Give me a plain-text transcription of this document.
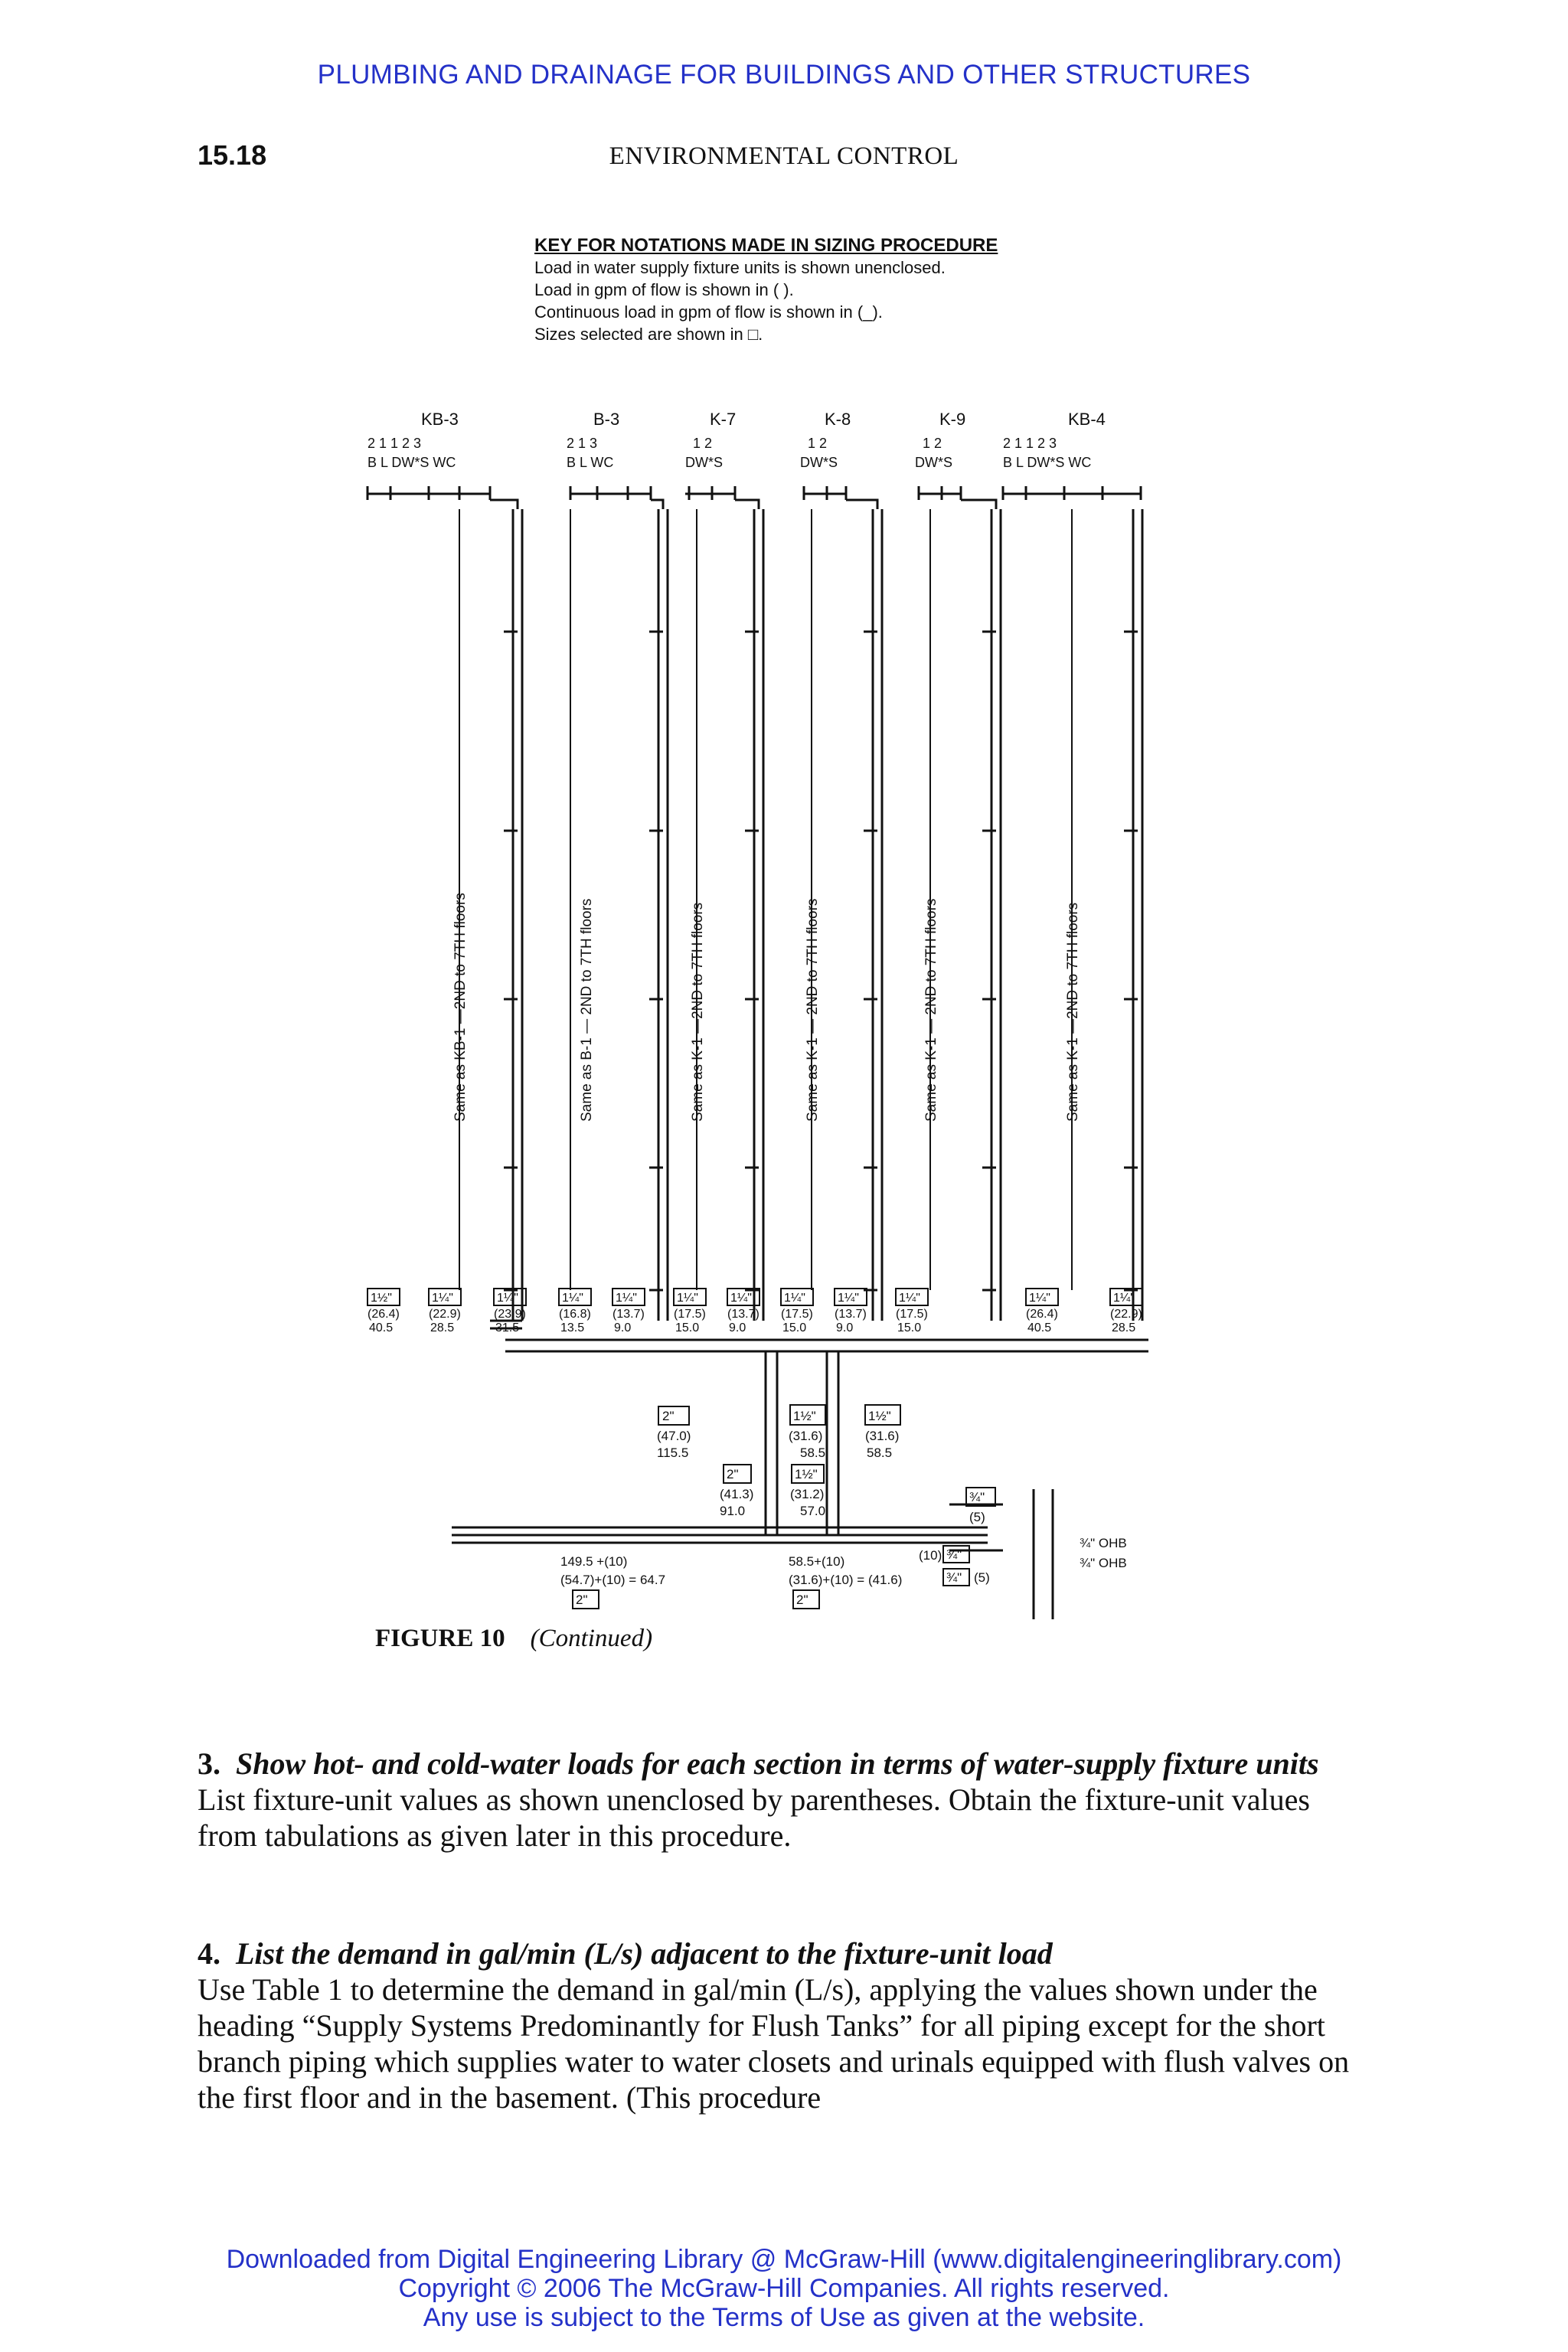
PLUMBING AND DRAINAGE FOR BUILDINGS AND OTHER STRUCTURES
15.18	ENVIRONMENTAL CONTROL
KEY FOR NOTATIONS MADE IN SIZING PROCEDURE
Load in water supply fixture units is shown unenclosed.
Load in gpm of flow is shown in ( ).
Continuous load in gpm of flow is shown in (_).
Sizes selected are shown in □.
KB-3	B-3	K-7	K-8	K-9	KB-4
2 1 1 2 3
B L DW*S WC
2 1 3
B L WC
1 2
DW*S
1 2
DW*S
1 2
DW*S
2 1 1 2 3
B L DW*S WC
Same as KB-1 —2ND to 7TH floors	Same as B-1 — 2ND to 7TH floors	Same as K-1 —2ND to 7TH floors	Same as K-1 — 2ND to 7TH floors	Same as K-1 — 2ND to 7TH floors	Same as K-1 —2ND to 7TH floors
1½"
(26.4)
40.5
1¼"
(22.9)
28.5
1¼"
(23.9)
31.5
1¼"
(16.8)
13.5
1¼"
(13.7)
9.0
1¼"
(17.5)
15.0
1¼"
(13.7)
9.0
1¼"
(17.5)
15.0
1¼"
(13.7)
9.0
1¼"
(17.5)
15.0
1¼"
(26.4)
40.5
1¼"
(22.9)
28.5
2"
(47.0)
115.5
2"
(41.3)
91.0
1½"
(31.6)
58.5
1½"
(31.6)
58.5
1½"
(31.2)
57.0
¾"
(5)
149.5 +(10)
(54.7)+(10) = 64.7
2"
58.5+(10)
(31.6)+(10) = (41.6)
2"
(10) ¾"
¾" (5)
¾" OHB
¾" OHB
FIGURE 10 (Continued)
3. Show hot- and cold-water loads for each section in terms of water-supply fixture units
List fixture-unit values as shown unenclosed by parentheses. Obtain the fixture-unit values from tabulations as given later in this procedure.
4. List the demand in gal/min (L/s) adjacent to the fixture-unit load
Use Table 1 to determine the demand in gal/min (L/s), applying the values shown under the heading “Supply Systems Predominantly for Flush Tanks” for all piping except for the short branch piping which supplies water to water closets and urinals equipped with flush valves on the first floor and in the basement. (This procedure
Downloaded from Digital Engineering Library @ McGraw-Hill (www.digitalengineeringlibrary.com)
Copyright © 2006 The McGraw-Hill Companies. All rights reserved.
Any use is subject to the Terms of Use as given at the website.
